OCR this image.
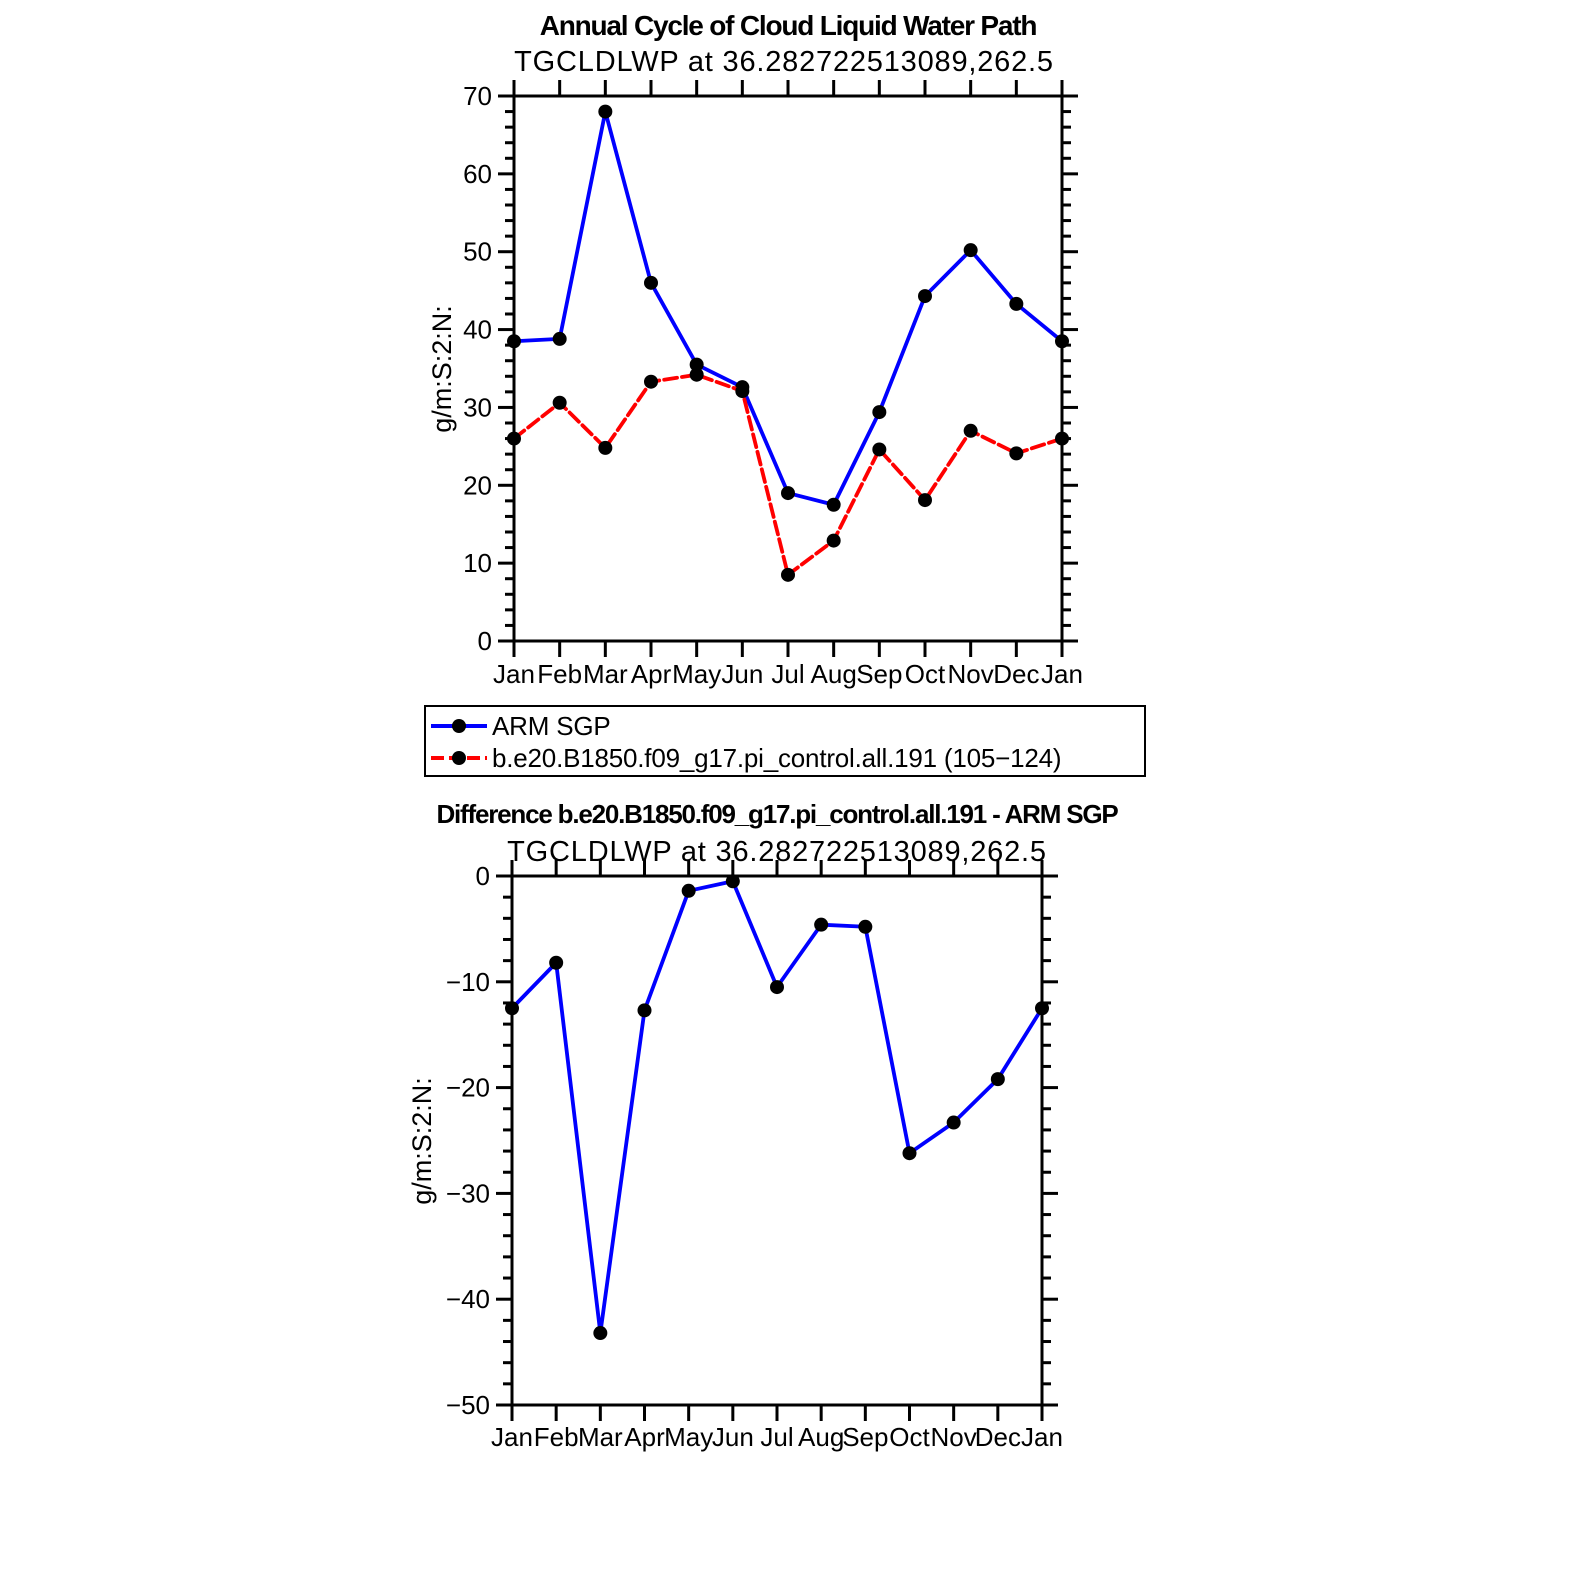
0
10
20
30
40
50
60
70
Jan Feb Mar Apr May Jun Jul Aug Sep Oct Nov Dec Jan
0
−10
−20
−30
−40
−50
Jan Feb Mar Apr May
Jun Jul Aug
Sep Oct Nov
Dec Jan
Annual Cycle of Cloud Liquid Water Path
TGCLDLWP at 36.282722513089,262.5
g/m:S:2:N:
ARM SGP
b.e20.B1850.f09_g17.pi_control.all.191 (105−124)
Difference b.e20.B1850.f09_g17.pi_control.all.191 - ARM SGP
TGCLDLWP at 36.282722513089,262.5
g/m:S:2:N:
